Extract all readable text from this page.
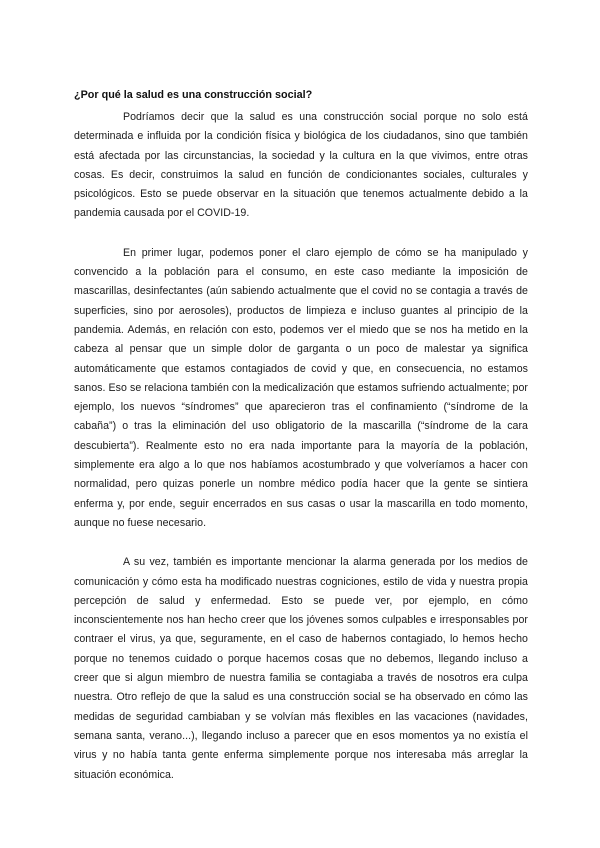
¿Por qué la salud es una construcción social?

Podríamos decir que la salud es una construcción social porque no solo está determinada e influida por la condición física y biológica de los ciudadanos, sino que también está afectada por las circunstancias, la sociedad y la cultura en la que vivimos, entre otras cosas. Es decir, construimos la salud en función de condicionantes sociales, culturales y psicológicos. Esto se puede observar en la situación que tenemos actualmente debido a la pandemia causada por el COVID-19.

En primer lugar, podemos poner el claro ejemplo de cómo se ha manipulado y convencido a la población para el consumo, en este caso mediante la imposición de mascarillas, desinfectantes (aún sabiendo actualmente que el covid no se contagia a través de superficies, sino por aerosoles), productos de limpieza e incluso guantes al principio de la pandemia. Además, en relación con esto, podemos ver el miedo que se nos ha metido en la cabeza al pensar que un simple dolor de garganta o un poco de malestar ya significa automáticamente que estamos contagiados de covid y que, en consecuencia, no estamos sanos. Eso se relaciona también con la medicalización que estamos sufriendo actualmente; por ejemplo, los nuevos “síndromes” que aparecieron tras el confinamiento (“síndrome de la cabaña”) o tras la eliminación del uso obligatorio de la mascarilla (“síndrome de la cara descubierta”). Realmente esto no era nada importante para la mayoría de la población, simplemente era algo a lo que nos habíamos acostumbrado y que volveríamos a hacer con normalidad, pero quizas ponerle un nombre médico podía hacer que la gente se sintiera enferma y, por ende, seguir encerrados en sus casas o usar la mascarilla en todo momento, aunque no fuese necesario.

A su vez, también es importante mencionar la alarma generada por los medios de comunicación y cómo esta ha modificado nuestras cogniciones, estilo de vida y nuestra propia percepción de salud y enfermedad. Esto se puede ver, por ejemplo, en cómo inconscientemente nos han hecho creer que los jóvenes somos culpables e irresponsables por contraer el virus, ya que, seguramente, en el caso de habernos contagiado, lo hemos hecho porque no tenemos cuidado o porque hacemos cosas que no debemos, llegando incluso a creer que si algun miembro de nuestra familia se contagiaba a través de nosotros era culpa nuestra. Otro reflejo de que la salud es una construcción social se ha observado en cómo las medidas de seguridad cambiaban y se volvían más flexibles en las vacaciones (navidades, semana santa, verano...), llegando incluso a parecer que en esos momentos ya no existía el virus y no había tanta gente enferma simplemente porque nos interesaba más arreglar la situación económica.
